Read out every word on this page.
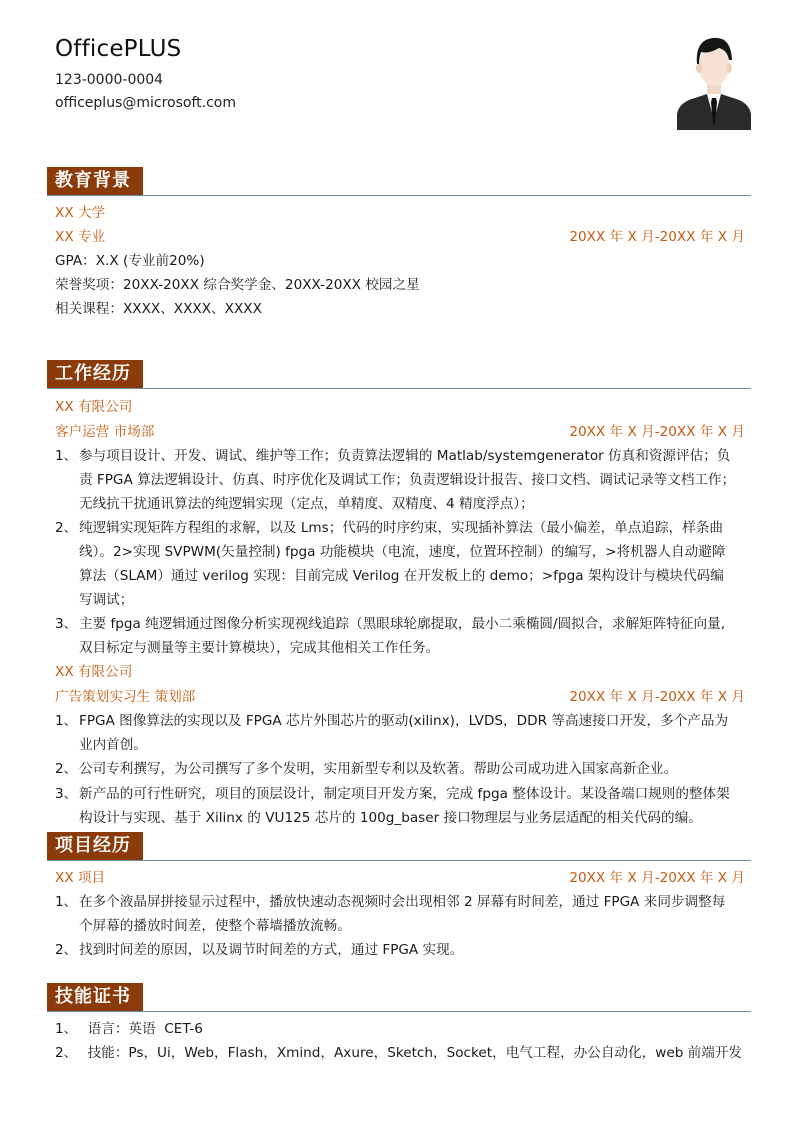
OfficePLUS
123-0000-0004
officeplus@microsoft.com
教育背景
XX 大学
XX 专业	20XX 年 X 月-20XX 年 X 月
GPA：X.X (专业前20%)
荣誉奖项：20XX-20XX 综合奖学金、20XX-20XX 校园之星
相关课程：XXXX、XXXX、XXXX
工作经历
XX 有限公司
客户运营 市场部	20XX 年 X 月-20XX 年 X 月
1、 参与项目设计、开发、调试、维护等工作；负责算法逻辑的 Matlab/systemgenerator 仿真和资源评估；负
责 FPGA 算法逻辑设计、仿真、时序优化及调试工作；负责逻辑设计报告、接口文档、调试记录等文档工作；
无线抗干扰通讯算法的纯逻辑实现（定点，单精度、双精度、4 精度浮点）；
2、 纯逻辑实现矩阵方程组的求解，以及 Lms；代码的时序约束，实现插补算法（最小偏差，单点追踪，样条曲
线）。2>实现 SVPWM(矢量控制) fpga 功能模块（电流，速度，位置环控制）的编写，>将机器人自动避障
算法（SLAM）通过 verilog 实现：目前完成 Verilog 在开发板上的 demo；>fpga 架构设计与模块代码编
写调试；
3、 主要 fpga 纯逻辑通过图像分析实现视线追踪（黑眼球轮廓提取，最小二乘椭圆/圆拟合，求解矩阵特征向量,
双目标定与测量等主要计算模块），完成其他相关工作任务。
XX 有限公司
广告策划实习生 策划部	20XX 年 X 月-20XX 年 X 月
1、 FPGA 图像算法的实现以及 FPGA 芯片外围芯片的驱动(xilinx)，LVDS，DDR 等高速接口开发，多个产品为
业内首创。
2、 公司专利撰写，为公司撰写了多个发明，实用新型专利以及软著。帮助公司成功进入国家高新企业。
3、 新产品的可行性研究，项目的顶层设计，制定项目开发方案，完成 fpga 整体设计。某设备端口规则的整体架
构设计与实现、基于 Xilinx 的 VU125 芯片的 100g_baser 接口物理层与业务层适配的相关代码的编。
项目经历
XX 项目	20XX 年 X 月-20XX 年 X 月
1、 在多个液晶屏拼接显示过程中，播放快速动态视频时会出现相邻 2 屏幕有时间差，通过 FPGA 来同步调整每
个屏幕的播放时间差，使整个幕墙播放流畅。
2、 找到时间差的原因，以及调节时间差的方式，通过 FPGA 实现。
技能证书
1、 语言：英语  CET-6
2、 技能：Ps，Ui，Web，Flash，Xmind，Axure，Sketch，Socket，电气工程，办公自动化，web 前端开发
